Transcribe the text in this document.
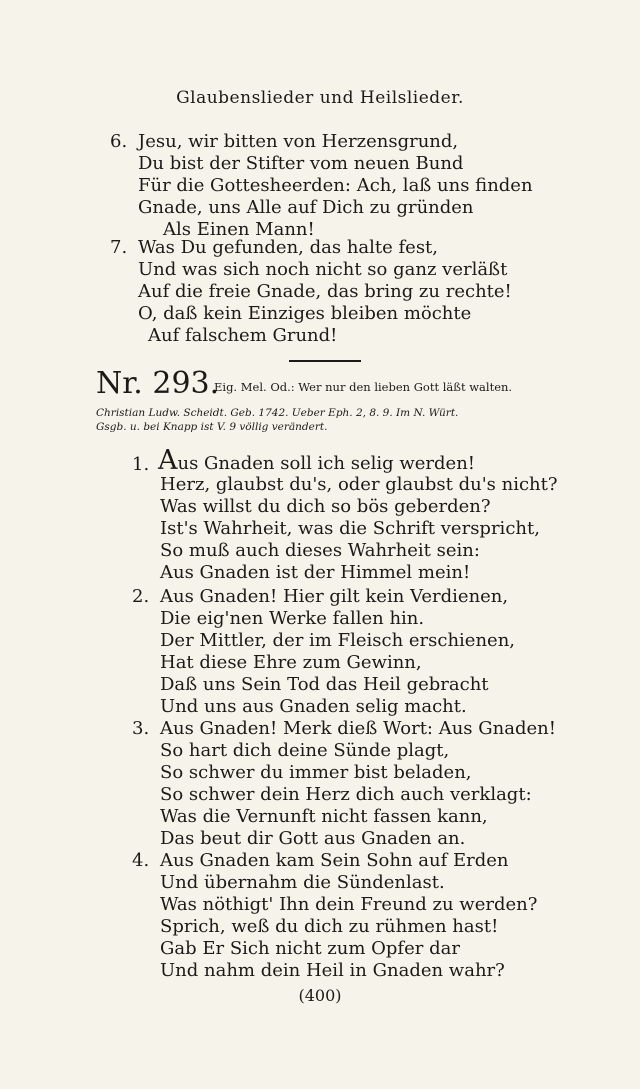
Glaubenslieder und Heilslieder.
6. Jesu, wir bitten von Herzensgrund,
Du bist der Stifter vom neuen Bund
Für die Gottesheerden: Ach, laß uns finden
Gnade, uns Alle auf Dich zu gründen
Als Einen Mann!
7. Was Du gefunden, das halte fest,
Und was sich noch nicht so ganz verläßt
Auf die freie Gnade, das bring zu rechte!
O, daß kein Einziges bleiben möchte
Auf falschem Grund!
Nr. 293.
Eig. Mel. Od.: Wer nur den lieben Gott läßt walten.
Christian Ludw. Scheidt. Geb. 1742. Ueber Eph. 2, 8. 9. Im N. Würt.
Gsgb. u. bei Knapp ist V. 9 völlig verändert.
1. Aus Gnaden soll ich selig werden!
Herz, glaubst du's, oder glaubst du's nicht?
Was willst du dich so bös geberden?
Ist's Wahrheit, was die Schrift verspricht,
So muß auch dieses Wahrheit sein:
Aus Gnaden ist der Himmel mein!
2. Aus Gnaden! Hier gilt kein Verdienen,
Die eig'nen Werke fallen hin.
Der Mittler, der im Fleisch erschienen,
Hat diese Ehre zum Gewinn,
Daß uns Sein Tod das Heil gebracht
Und uns aus Gnaden selig macht.
3. Aus Gnaden! Merk dieß Wort: Aus Gnaden!
So hart dich deine Sünde plagt,
So schwer du immer bist beladen,
So schwer dein Herz dich auch verklagt:
Was die Vernunft nicht fassen kann,
Das beut dir Gott aus Gnaden an.
4. Aus Gnaden kam Sein Sohn auf Erden
Und übernahm die Sündenlast.
Was nöthigt' Ihn dein Freund zu werden?
Sprich, weß du dich zu rühmen hast!
Gab Er Sich nicht zum Opfer dar
Und nahm dein Heil in Gnaden wahr?
(400)
